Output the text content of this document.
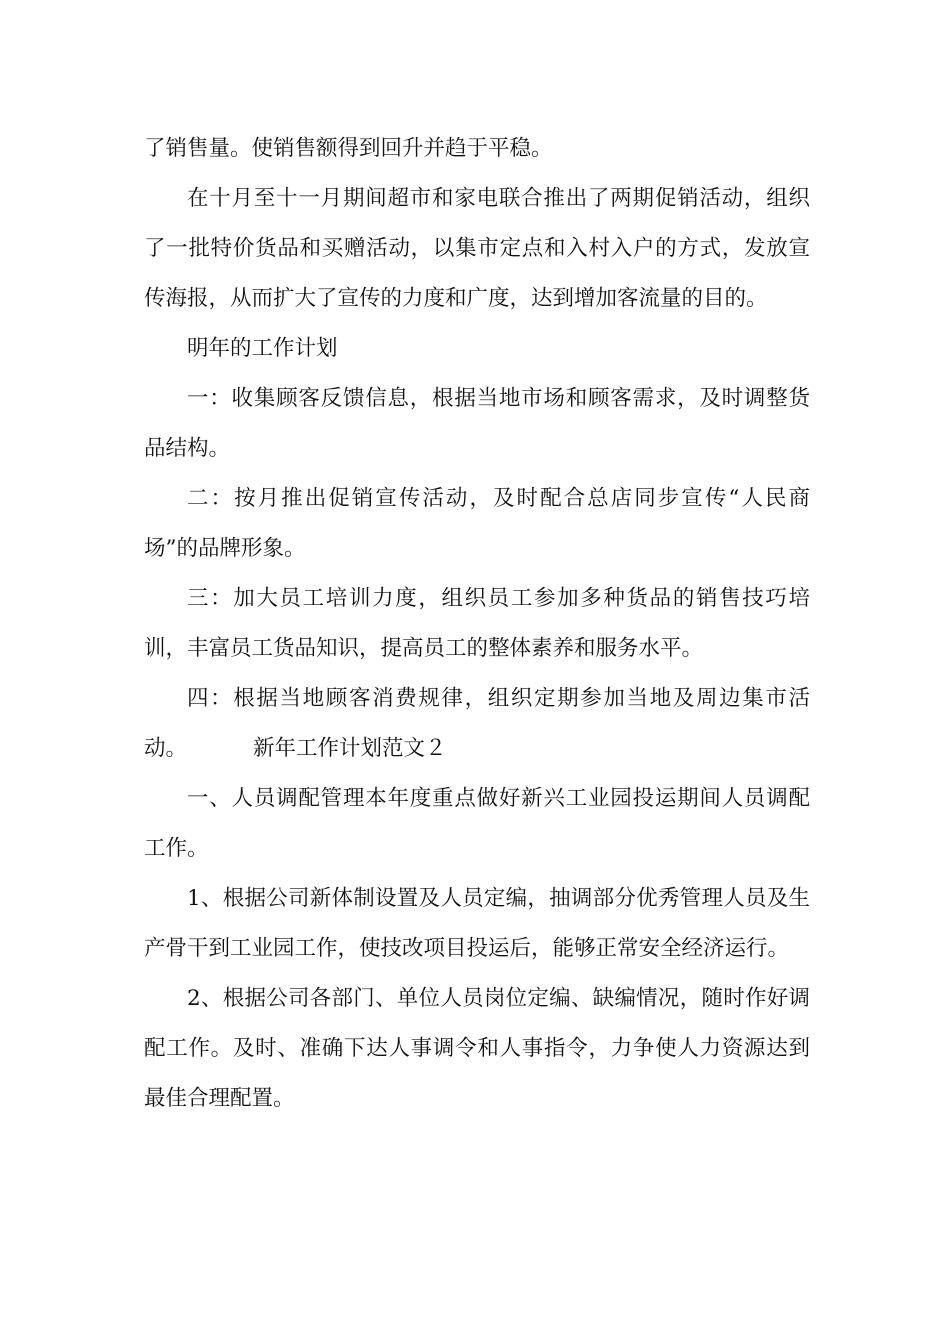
了销售量。使销售额得到回升并趋于平稳。

在十月至十一月期间超市和家电联合推出了两期促销活动，组织了一批特价货品和买赠活动，以集市定点和入村入户的方式，发放宣传海报，从而扩大了宣传的力度和广度，达到增加客流量的目的。

明年的工作计划

一：收集顾客反馈信息，根据当地市场和顾客需求，及时调整货品结构。

二：按月推出促销宣传活动，及时配合总店同步宣传“人民商场”的品牌形象。

三：加大员工培训力度，组织员工参加多种货品的销售技巧培训，丰富员工货品知识，提高员工的整体素养和服务水平。

四：根据当地顾客消费规律，组织定期参加当地及周边集市活动。	新年工作计划范文２

一、人员调配管理本年度重点做好新兴工业园投运期间人员调配工作。

1、根据公司新体制设置及人员定编，抽调部分优秀管理人员及生产骨干到工业园工作，使技改项目投运后，能够正常安全经济运行。

2、根据公司各部门、单位人员岗位定编、缺编情况，随时作好调配工作。及时、准确下达人事调令和人事指令，力争使人力资源达到最佳合理配置。
